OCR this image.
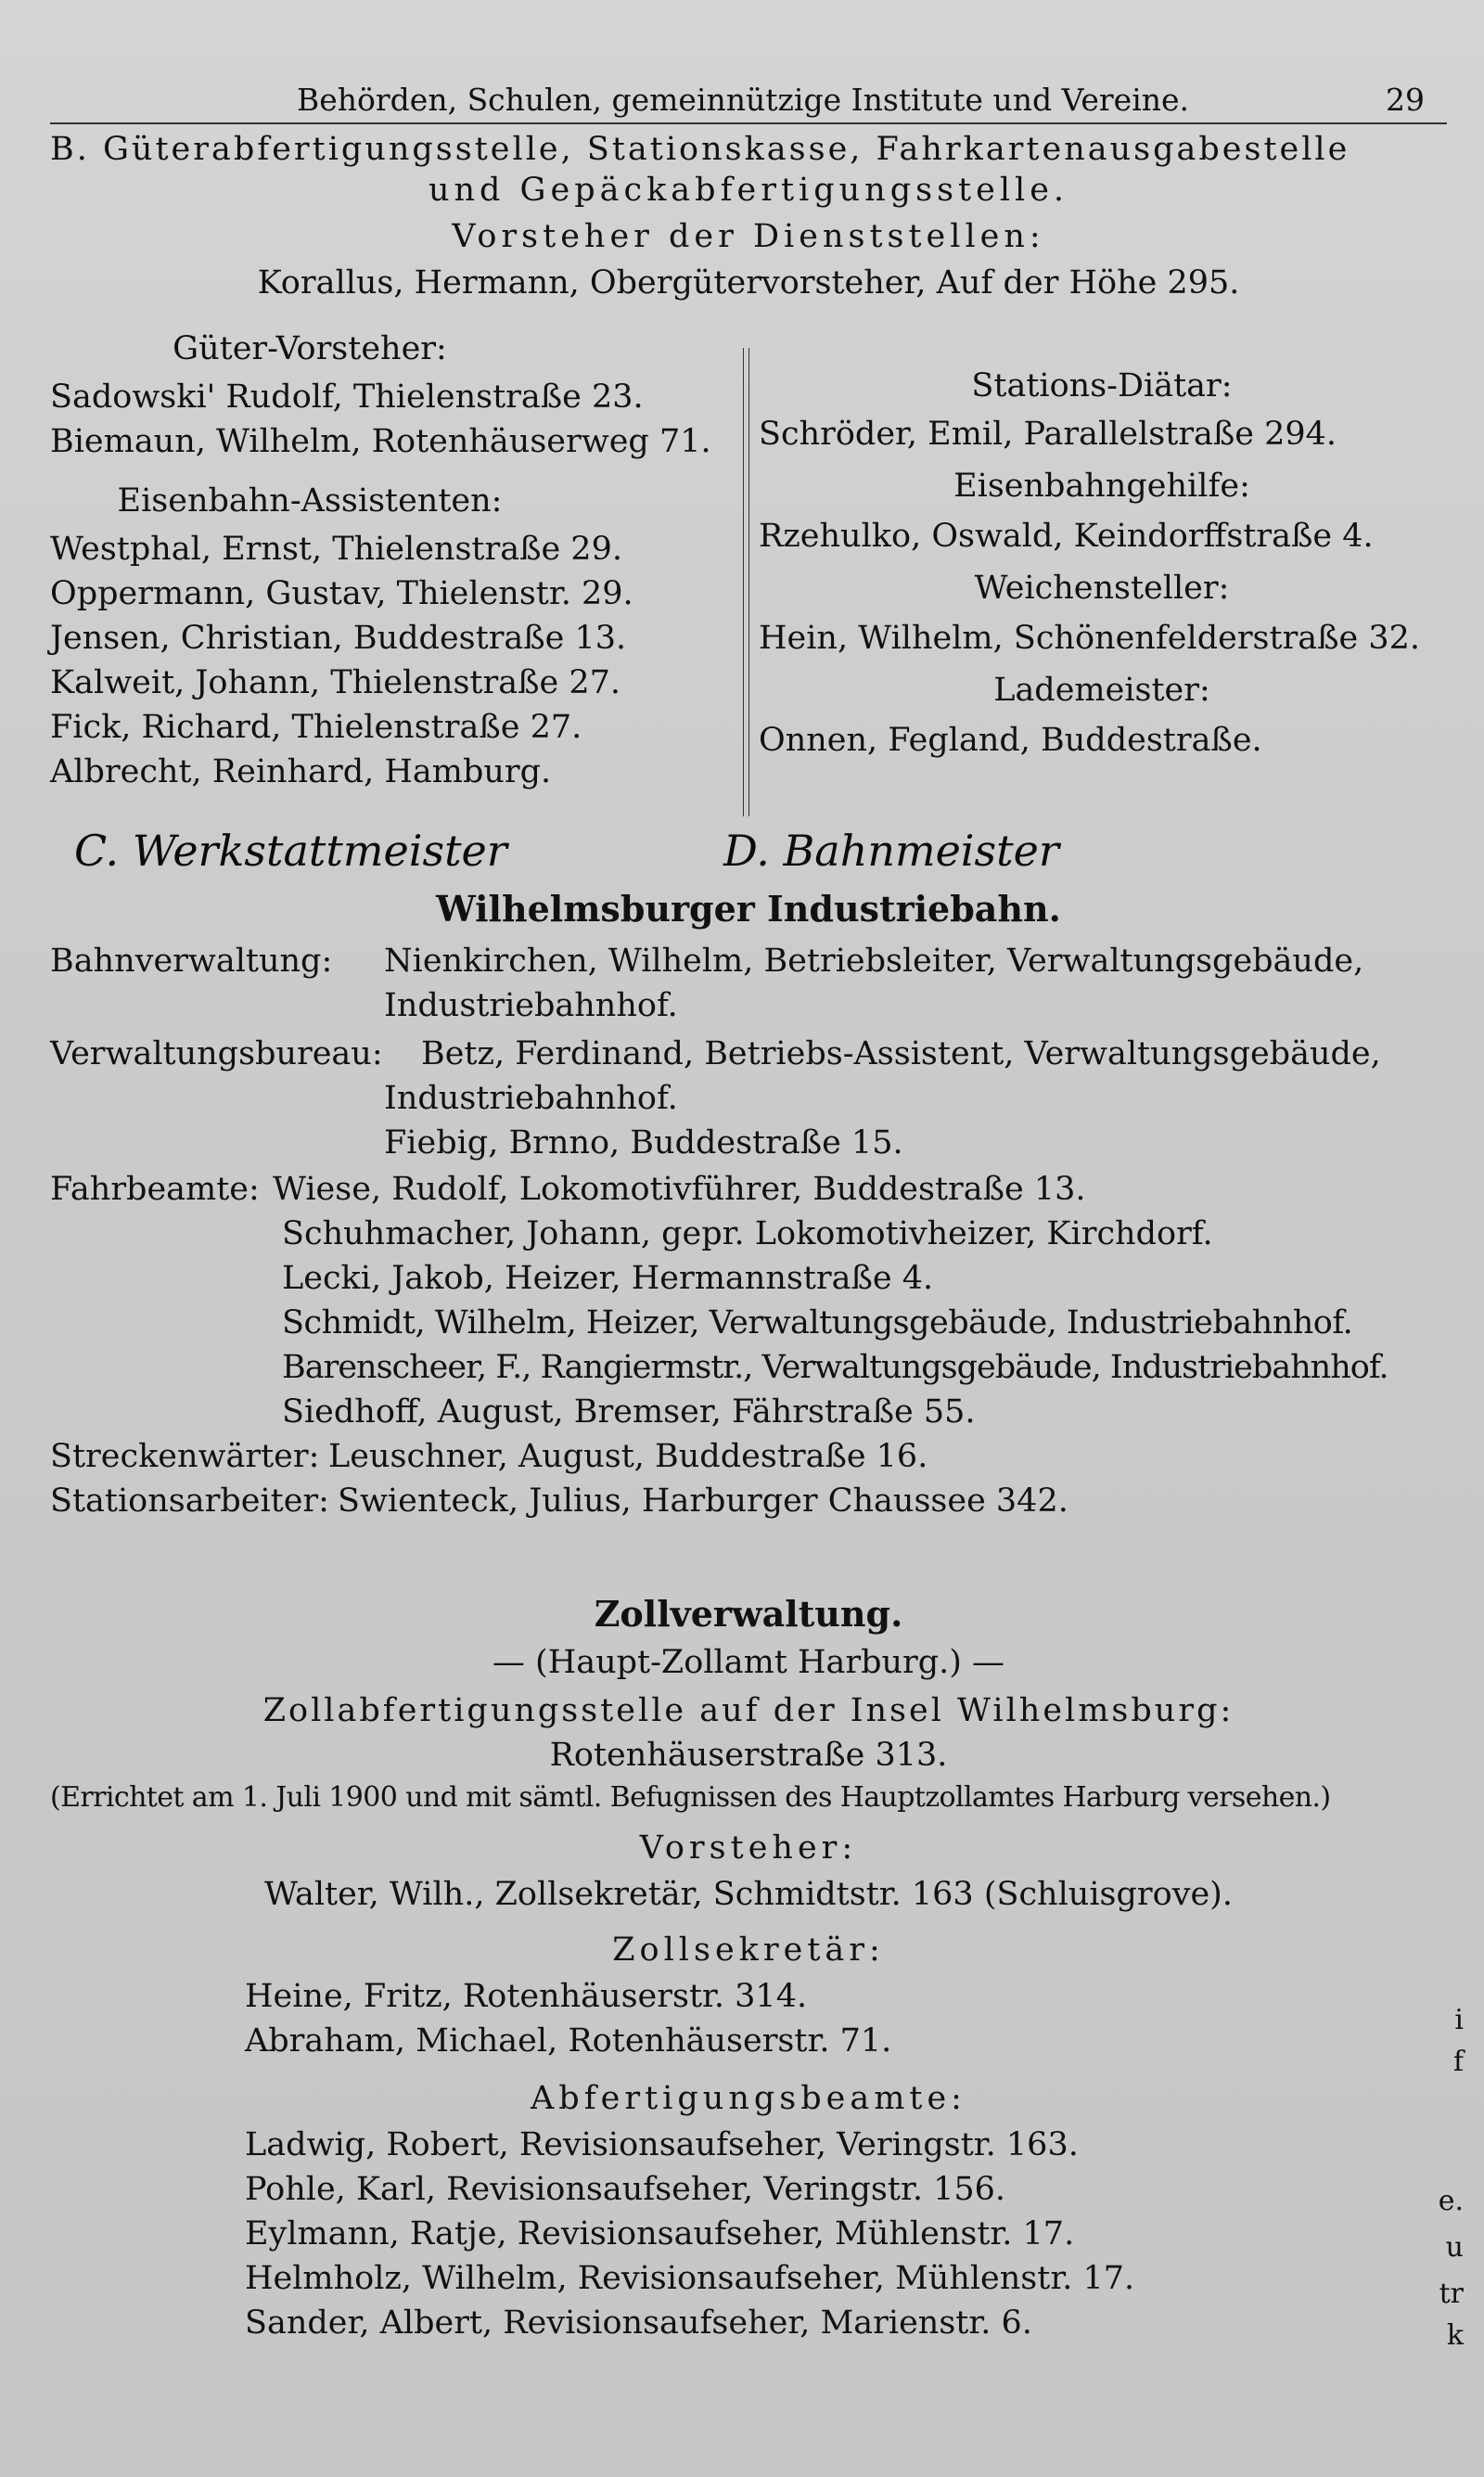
Behörden, Schulen, gemeinnützige Institute und Vereine.	29
B. Güterabfertigungsstelle, Stationskasse, Fahrkartenausgabestelle
und Gepäckabfertigungsstelle.
Vorsteher der Dienststellen:
Korallus, Hermann, Obergütervorsteher, Auf der Höhe 295.
Güter-Vorsteher:
Sadowski' Rudolf, Thielenstraße 23.
Biemaun, Wilhelm, Rotenhäuserweg 71.
Eisenbahn-Assistenten:
Westphal, Ernst, Thielenstraße 29.
Oppermann, Gustav, Thielenstr. 29.
Jensen, Christian, Buddestraße 13.
Kalweit, Johann, Thielenstraße 27.
Fick, Richard, Thielenstraße 27.
Albrecht, Reinhard, Hamburg.
Stations-Diätar:
Schröder, Emil, Parallelstraße 294.
Eisenbahngehilfe:
Rzehulko, Oswald, Keindorffstraße 4.
Weichensteller:
Hein, Wilhelm, Schönenfelderstraße 32.
Lademeister:
Onnen, Fegland, Buddestraße.
C. Werkstattmeister	D. Bahnmeister
Wilhelmsburger Industriebahn.
Bahnverwaltung:	Nienkirchen, Wilhelm, Betriebsleiter, Verwaltungsgebäude,
Industriebahnhof.
Verwaltungsbureau:	Betz, Ferdinand, Betriebs-Assistent, Verwaltungsgebäude,
Industriebahnhof.
Fiebig, Brnno, Buddestraße 15.
Fahrbeamte: Wiese, Rudolf, Lokomotivführer, Buddestraße 13.
Schuhmacher, Johann, gepr. Lokomotivheizer, Kirchdorf.
Lecki, Jakob, Heizer, Hermannstraße 4.
Schmidt, Wilhelm, Heizer, Verwaltungsgebäude, Industriebahnhof.
Barenscheer, F., Rangiermstr., Verwaltungsgebäude, Industriebahnhof.
Siedhoff, August, Bremser, Fährstraße 55.
Streckenwärter: Leuschner, August, Buddestraße 16.
Stationsarbeiter: Swienteck, Julius, Harburger Chaussee 342.
Zollverwaltung.
— (Haupt-Zollamt Harburg.) —
Zollabfertigungsstelle auf der Insel Wilhelmsburg:
Rotenhäuserstraße 313.
(Errichtet am 1. Juli 1900 und mit sämtl. Befugnissen des Hauptzollamtes Harburg versehen.)
Vorsteher:
Walter, Wilh., Zollsekretär, Schmidtstr. 163 (Schluisgrove).
Zollsekretär:
Heine, Fritz, Rotenhäuserstr. 314.
Abraham, Michael, Rotenhäuserstr. 71.
Abfertigungsbeamte:
Ladwig, Robert, Revisionsaufseher, Veringstr. 163.
Pohle, Karl, Revisionsaufseher, Veringstr. 156.
Eylmann, Ratje, Revisionsaufseher, Mühlenstr. 17.
Helmholz, Wilhelm, Revisionsaufseher, Mühlenstr. 17.
Sander, Albert, Revisionsaufseher, Marienstr. 6.
i
f
e.
u
tr
k
